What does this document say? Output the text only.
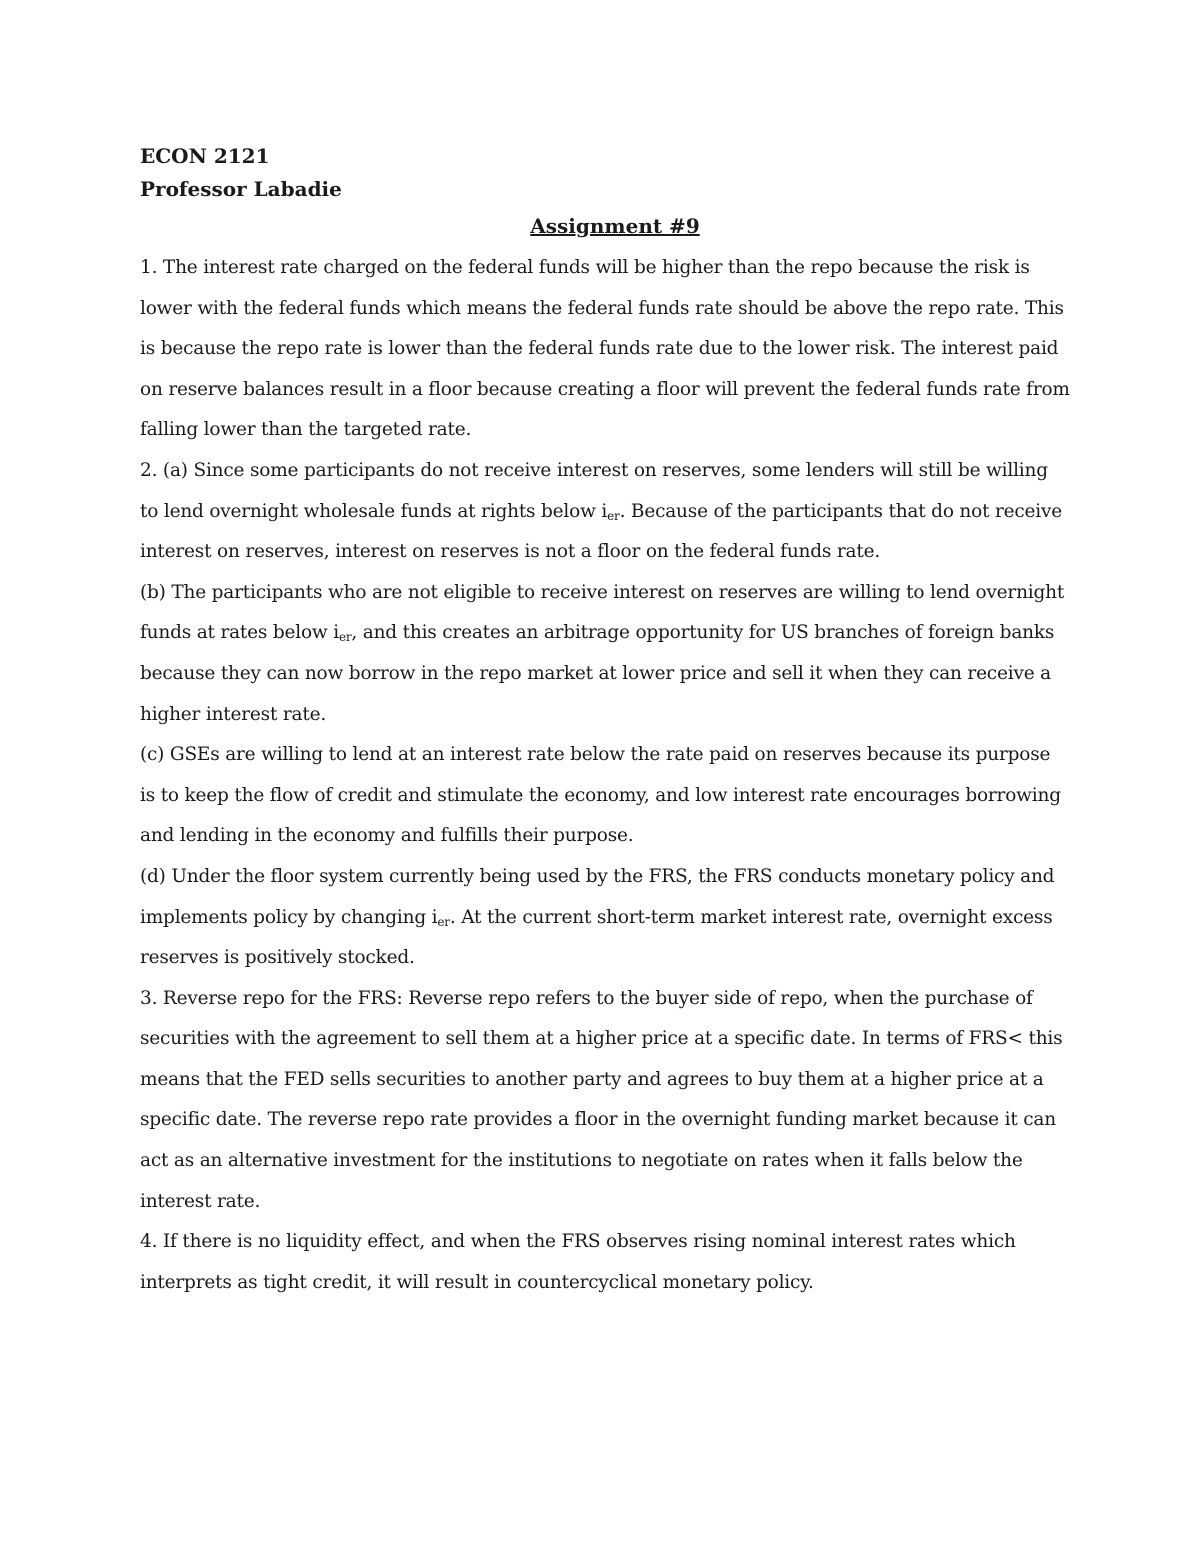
ECON 2121
Professor Labadie

Assignment #9

1. The interest rate charged on the federal funds will be higher than the repo because the risk is lower with the federal funds which means the federal funds rate should be above the repo rate. This is because the repo rate is lower than the federal funds rate due to the lower risk. The interest paid on reserve balances result in a floor because creating a floor will prevent the federal funds rate from falling lower than the targeted rate.

2. (a) Since some participants do not receive interest on reserves, some lenders will still be willing to lend overnight wholesale funds at rights below $i_{er}$. Because of the participants that do not receive interest on reserves, interest on reserves is not a floor on the federal funds rate.

(b) The participants who are not eligible to receive interest on reserves are willing to lend overnight funds at rates below $i_{er}$, and this creates an arbitrage opportunity for US branches of foreign banks because they can now borrow in the repo market at lower price and sell it when they can receive a higher interest rate.

(c) GSEs are willing to lend at an interest rate below the rate paid on reserves because its purpose is to keep the flow of credit and stimulate the economy, and low interest rate encourages borrowing and lending in the economy and fulfills their purpose.

(d) Under the floor system currently being used by the FRS, the FRS conducts monetary policy and implements policy by changing $i_{er}$. At the current short-term market interest rate, overnight excess reserves is positively stocked.

3. Reverse repo for the FRS: Reverse repo refers to the buyer side of repo, when the purchase of securities with the agreement to sell them at a higher price at a specific date. In terms of FRS< this means that the FED sells securities to another party and agrees to buy them at a higher price at a specific date. The reverse repo rate provides a floor in the overnight funding market because it can act as an alternative investment for the institutions to negotiate on rates when it falls below the interest rate.

4. If there is no liquidity effect, and when the FRS observes rising nominal interest rates which interprets as tight credit, it will result in countercyclical monetary policy.
